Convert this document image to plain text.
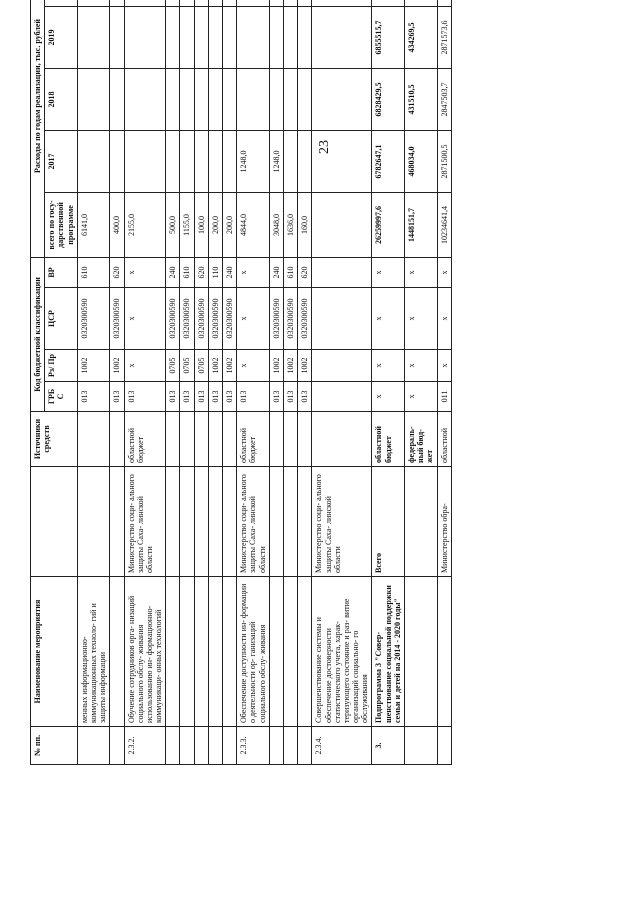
23
№ пп.	Наименование мероприятия		Источники средств	Код бюджетной классификации				Расходы по годам реализации, тыс. рублей				
				ГРБ С	Рз/ Пр	ЦСР	ВР	всего по госу- дарственной программе	2017	2018	2019	
	менных информационно- коммуникационных техноло- гий и защиты информации			013	1002	0320300590	610	6141,0				
				013	1002	0320300590	620	400,0				
2.3.2.	Обучение сотрудников орга- низаций социального обслу- живания использованию ин- формационно- коммуникаци- онных технологий	Министерство соци- ального защиты Саха- линской области	областной бюджет	013	х	х	х	2155,0				
				013	0705	0320300590	240	500,0				
				013	0705	0320300590	610	1155,0				
				013	0705	0320300590	620	100,0				
				013	1002	0320300590	110	200,0				
				013	1002	0320300590	240	200,0				
2.3.3.	Обеспечение доступности ин- формации о деятельности ор- ганизаций социального обслу- живания	Министерство соци- ального защиты Саха- линской области	областной бюджет	013	х	х	х	4844,0	1248,0			
				013	1002	0320300590	240	3048,0	1248,0			
				013	1002	0320300590	610	1636,0				
				013	1002	0320300590	620	160,0				
2.3.4.	Совершенствование системы и обеспечение достоверности статистического учета, харак- теризующего состояние и раз- витие организаций социально- го обслуживания	Министерство соци- ального защиты Саха- линской области										
3.	Подпрограмма 3 "Совер- шенствование социальной поддержки семьи и детей на 2014 - 2020 годы"	Всего	областной бюджет	х	х	х	х	26259997,6	6782647,1	6828429,5	6855515,7	
			федераль- ный бюд- жет	х	х	х	х	1448151,7	468034,0	431510,5	434269,5	
		Министерство обра-	областной	011	х	х	х	10234641,4	2871500,5	2847503,7	2871573,6	
